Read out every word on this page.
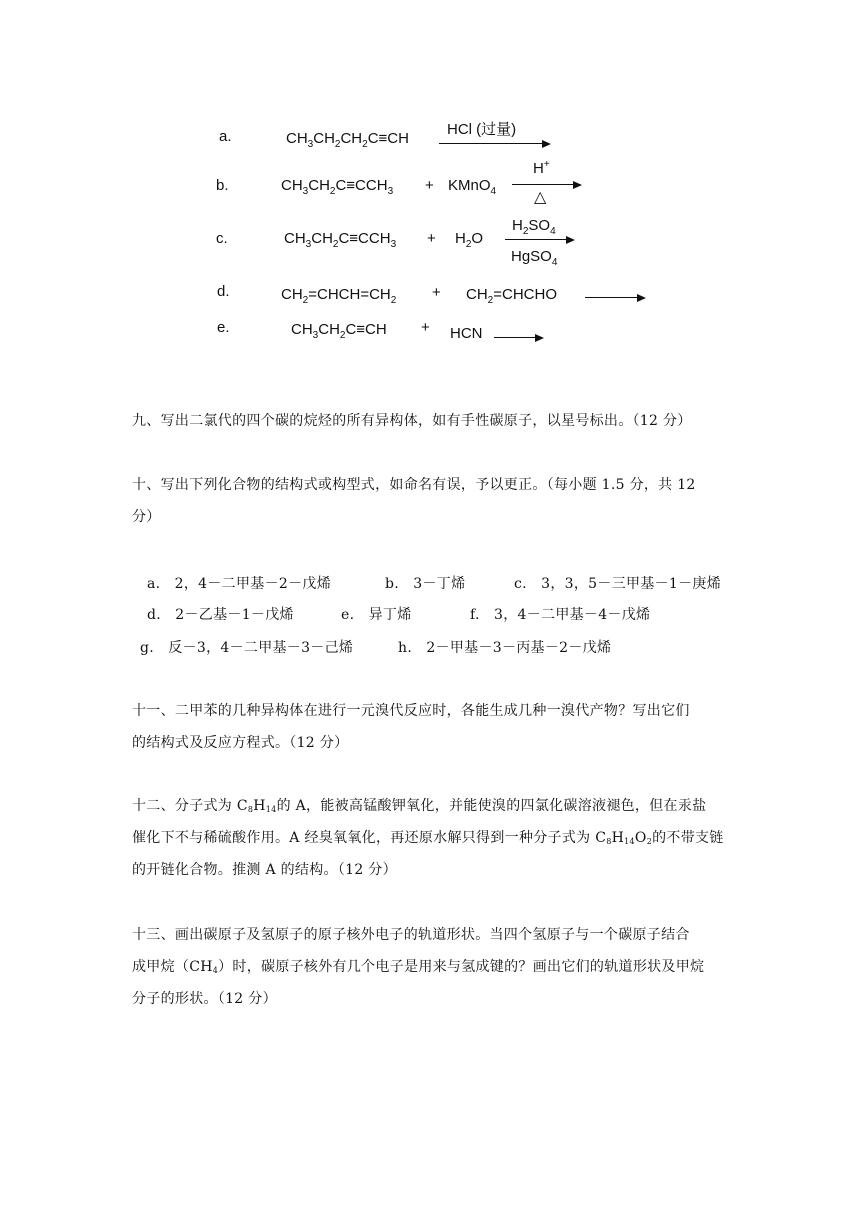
a.	$CH_3CH_2CH_2C\equiv CH$
HCl (过量)
b.	$CH_3CH_2C\equiv CCH_3$ + KMnO$_4$
H+
△
c.	$CH_3CH_2C\equiv CCH_3 + H_2O$
$H_2SO_4$
HgSO$_4$
d.	$CH_2=CHCH=CH_2$ + $CH_2=CHCHO$
e.	$CH_3CH_2C\equiv CH$ + HCN
九、写出二氯代的四个碳的烷烃的所有异构体，如有手性碳原子，以星号标出。（12 分）
十、写出下列化合物的结构式或构型式，如命名有误，予以更正。（每小题 1.5 分，共 12
分）
a. 2，4－二甲基－2－戊烯	b. 3－丁烯	c. 3，3，5－三甲基－1－庚烯
d. 2－乙基－1－戊烯	e. 异丁烯	f. 3，4－二甲基－4－戊烯
g. 反－3，4－二甲基－3－己烯	h. 2－甲基－3－丙基－2－戊烯
十一、二甲苯的几种异构体在进行一元溴代反应时，各能生成几种一溴代产物？写出它们
的结构式及反应方程式。（12 分）
十二、分子式为 C8H14的 A，能被高锰酸钾氧化，并能使溴的四氯化碳溶液褪色，但在汞盐
催化下不与稀硫酸作用。A 经臭氧氧化，再还原水解只得到一种分子式为 C8H14O2的不带支链
的开链化合物。推测 A 的结构。（12 分）
十三、画出碳原子及氢原子的原子核外电子的轨道形状。当四个氢原子与一个碳原子结合
成甲烷（CH4）时，碳原子核外有几个电子是用来与氢成键的？画出它们的轨道形状及甲烷
分子的形状。（12 分）
